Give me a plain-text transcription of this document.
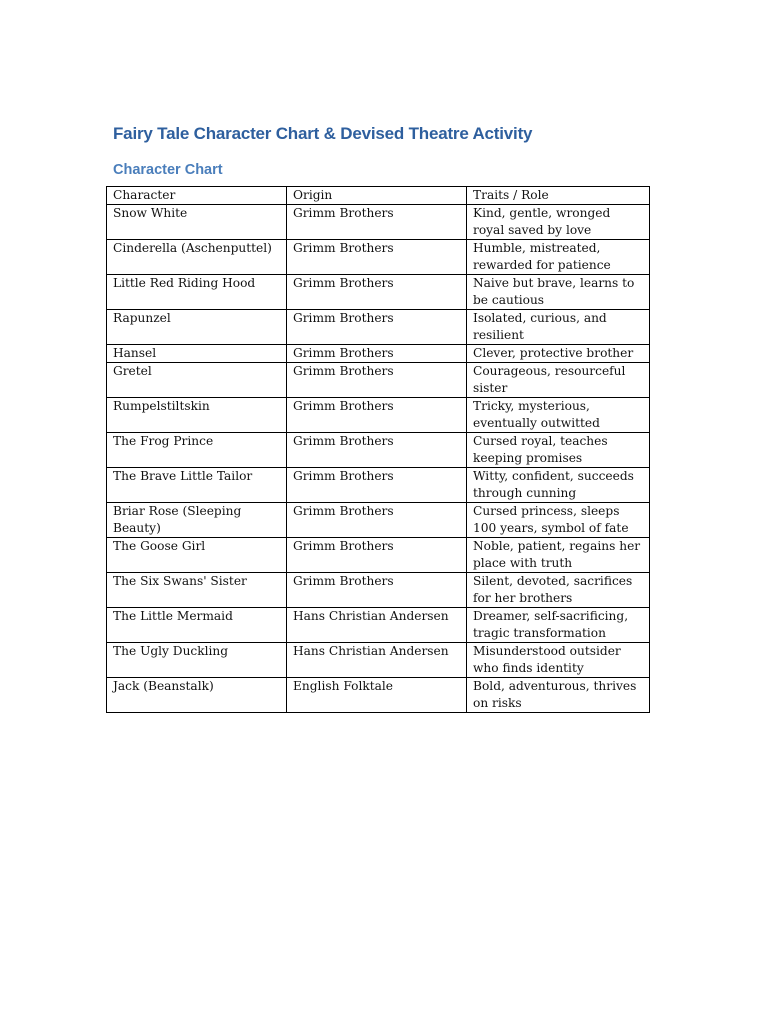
Fairy Tale Character Chart & Devised Theatre Activity
Character Chart
Character	Origin	Traits / Role
Snow White	Grimm Brothers	Kind, gentle, wronged royal saved by love
Cinderella (Aschenputtel)	Grimm Brothers	Humble, mistreated, rewarded for patience
Little Red Riding Hood	Grimm Brothers	Naive but brave, learns to be cautious
Rapunzel	Grimm Brothers	Isolated, curious, and resilient
Hansel	Grimm Brothers	Clever, protective brother
Gretel	Grimm Brothers	Courageous, resourceful sister
Rumpelstiltskin	Grimm Brothers	Tricky, mysterious, eventually outwitted
The Frog Prince	Grimm Brothers	Cursed royal, teaches keeping promises
The Brave Little Tailor	Grimm Brothers	Witty, confident, succeeds through cunning
Briar Rose (Sleeping Beauty)	Grimm Brothers	Cursed princess, sleeps 100 years, symbol of fate
The Goose Girl	Grimm Brothers	Noble, patient, regains her place with truth
The Six Swans' Sister	Grimm Brothers	Silent, devoted, sacrifices for her brothers
The Little Mermaid	Hans Christian Andersen	Dreamer, self-sacrificing, tragic transformation
The Ugly Duckling	Hans Christian Andersen	Misunderstood outsider who finds identity
Jack (Beanstalk)	English Folktale	Bold, adventurous, thrives on risks
